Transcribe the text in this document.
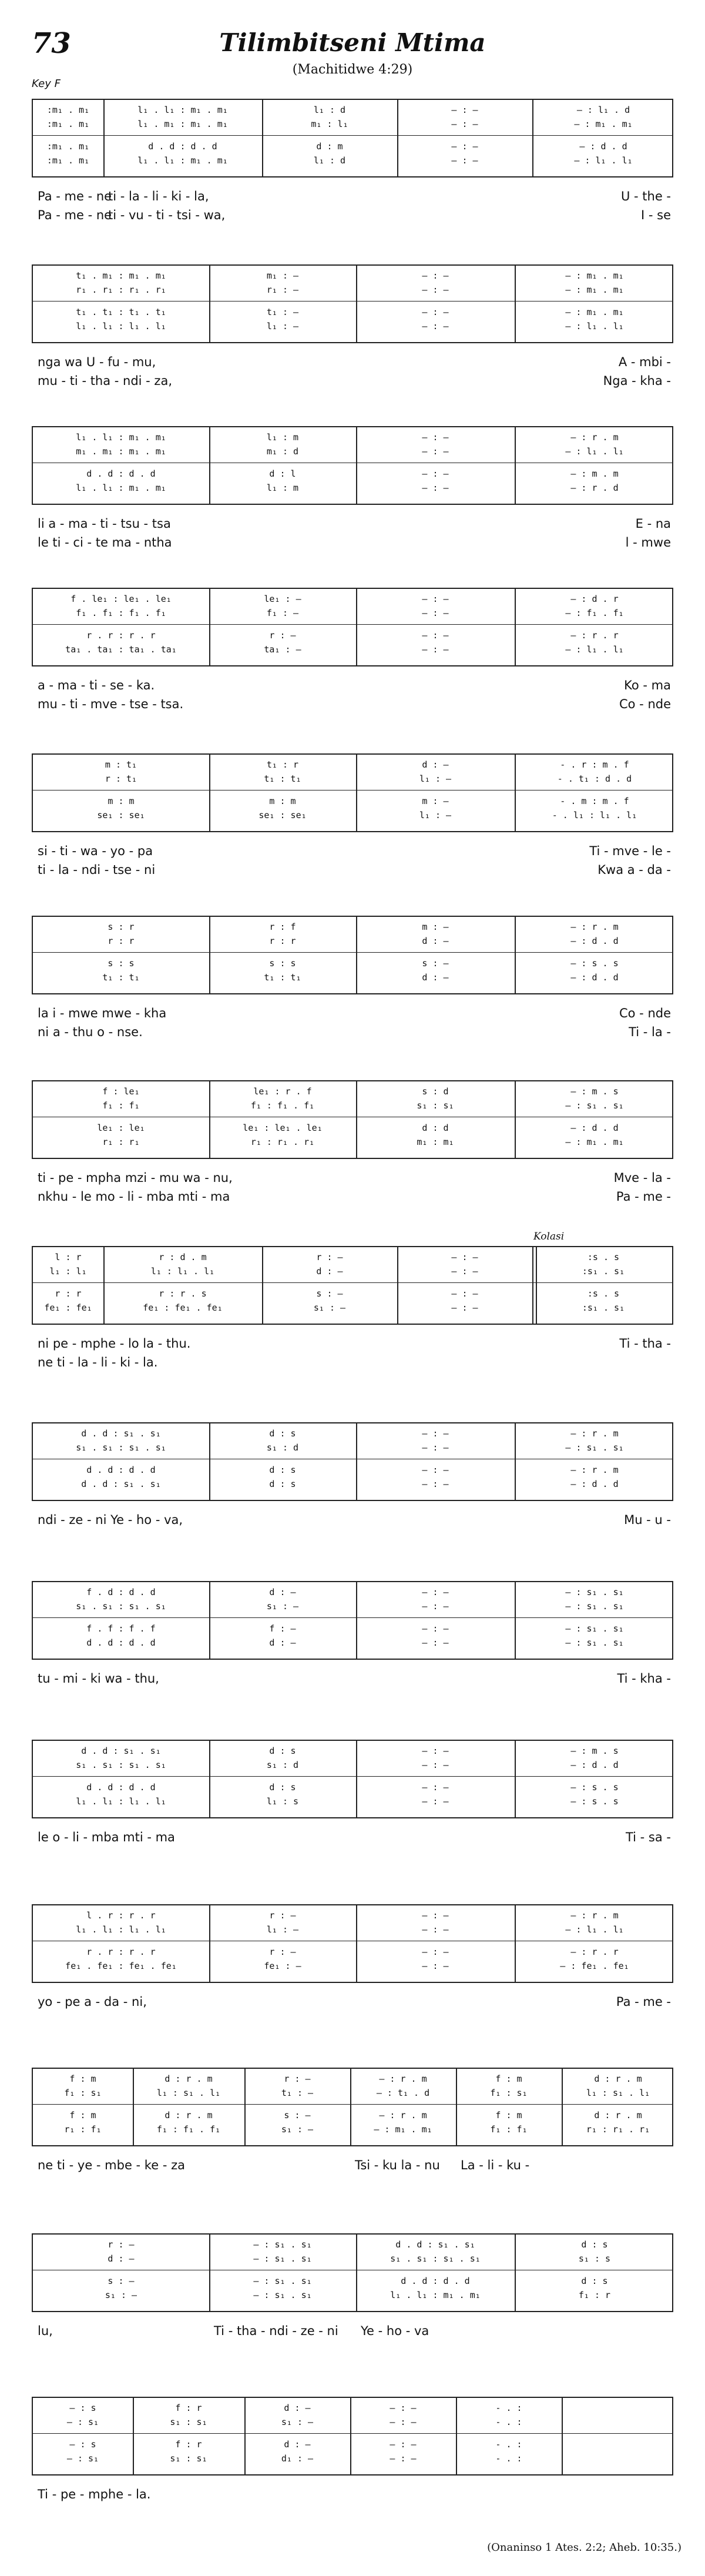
73	Tilimbitseni Mtima
(Machitidwe 4:29)
Key F
:m₁ . m₁	l₁ . l₁ : m₁ . m₁	l₁ : d	— : —	— : l₁ . d
:m₁ . m₁	l₁ . m₁ : m₁ . m₁	m₁ : l₁	— : —	— : m₁ . m₁
:m₁ . m₁	d . d : d . d	d : m	— : —	— : d . d
:m₁ . m₁	l₁ . l₁ : m₁ . m₁	l₁ : d	— : —	— : l₁ . l₁
Pa - me - ne
ti - la - li - ki - la,	U - the -
Pa - me - ne
ti - vu - ti - tsi - wa,	I - se
t₁ . m₁ : m₁ . m₁	m₁ : —	— : —	— : m₁ . m₁
r₁ . r₁ : r₁ . r₁	r₁ : —	— : —	— : m₁ . m₁
t₁ . t₁ : t₁ . t₁	t₁ : —	— : —	— : m₁ . m₁
l₁ . l₁ : l₁ . l₁	l₁ : —	— : —	— : l₁ . l₁
nga wa U - fu - mu,	A - mbi -
mu - ti - tha - ndi - za,	Nga - kha -
l₁ . l₁ : m₁ . m₁	l₁ : m	— : —	— : r . m
m₁ . m₁ : m₁ . m₁	m₁ : d	— : —	— : l₁ . l₁
d . d : d . d	d : l	— : —	— : m . m
l₁ . l₁ : m₁ . m₁	l₁ : m	— : —	— : r . d
li a - ma - ti - tsu - tsa	E - na
le ti - ci - te ma - ntha	l - mwe
f . le₁ : le₁ . le₁	le₁ : —	— : —	— : d . r
f₁ . f₁ : f₁ . f₁	f₁ : —	— : —	— : f₁ . f₁
r . r : r . r	r : —	— : —	— : r . r
ta₁ . ta₁ : ta₁ . ta₁	ta₁ : —	— : —	— : l₁ . l₁
a - ma - ti - se - ka.	Ko - ma
mu - ti - mve - tse - tsa.	Co - nde
m : t₁	t₁ : r	d : —	- . r : m . f
r : t₁	t₁ : t₁	l₁ : —	- . t₁ : d . d
m : m	m : m	m : —	- . m : m . f
se₁ : se₁	se₁ : se₁	l₁ : —	- . l₁ : l₁ . l₁
si - ti - wa - yo - pa	Ti - mve - le -
ti - la - ndi - tse - ni	Kwa a - da -
s : r	r : f	m : —	— : r . m
r : r	r : r	d : —	— : d . d
s : s	s : s	s : —	— : s . s
t₁ : t₁	t₁ : t₁	d : —	— : d . d
la i - mwe mwe - kha	Co - nde
ni a - thu o - nse.	Ti - la -
f : le₁	le₁ : r . f	s : d	— : m . s
f₁ : f₁	f₁ : f₁ . f₁	s₁ : s₁	— : s₁ . s₁
le₁ : le₁	le₁ : le₁ . le₁	d : d	— : d . d
r₁ : r₁	r₁ : r₁ . r₁	m₁ : m₁	— : m₁ . m₁
ti - pe - mpha mzi - mu wa - nu,	Mve - la -
nkhu - le mo - li - mba mti - ma	Pa - me -
Kolasi
l : r	r : d . m	r : —	— : —	:s . s
l₁ : l₁	l₁ : l₁ . l₁	d : —	— : —	:s₁ . s₁
r : r	r : r . s	s : —	— : —	:s . s
fe₁ : fe₁	fe₁ : fe₁ . fe₁	s₁ : —	— : —	:s₁ . s₁
ni pe - mphe - lo la - thu.	Ti - tha -
ne ti - la - li - ki - la.
d . d : s₁ . s₁	d : s	— : —	— : r . m
s₁ . s₁ : s₁ . s₁	s₁ : d	— : —	— : s₁ . s₁
d . d : d . d	d : s	— : —	— : r . m
d . d : s₁ . s₁	d : s	— : —	— : d . d
ndi - ze - ni Ye - ho - va,	Mu - u -
f . d : d . d	d : —	— : —	— : s₁ . s₁
s₁ . s₁ : s₁ . s₁	s₁ : —	— : —	— : s₁ . s₁
f . f : f . f	f : —	— : —	— : s₁ . s₁
d . d : d . d	d : —	— : —	— : s₁ . s₁
tu - mi - ki wa - thu,	Ti - kha -
d . d : s₁ . s₁	d : s	— : —	— : m . s
s₁ . s₁ : s₁ . s₁	s₁ : d	— : —	— : d . d
d . d : d . d	d : s	— : —	— : s . s
l₁ . l₁ : l₁ . l₁	l₁ : s	— : —	— : s . s
le o - li - mba mti - ma	Ti - sa -
l . r : r . r	r : —	— : —	— : r . m
l₁ . l₁ : l₁ . l₁	l₁ : —	— : —	— : l₁ . l₁
r . r : r . r	r : —	— : —	— : r . r
fe₁ . fe₁ : fe₁ . fe₁	fe₁ : —	— : —	— : fe₁ . fe₁
yo - pe a - da - ni,	Pa - me -
f : m	d : r . m	r : —	— : r . m	f : m	d : r . m
f₁ : s₁	l₁ : s₁ . l₁	t₁ : —	— : t₁ . d	f₁ : s₁	l₁ : s₁ . l₁
f : m	d : r . m	s : —	— : r . m	f : m	d : r . m
r₁ : f₁	f₁ : f₁ . f₁	s₁ : —	— : m₁ . m₁	f₁ : f₁	r₁ : r₁ . r₁
ne ti - ye - mbe - ke - za	Tsi - ku la - nu La - li - ku -
r : —	— : s₁ . s₁	d . d : s₁ . s₁	d : s
d : —	— : s₁ . s₁	s₁ . s₁ : s₁ . s₁	s₁ : s
s : —	— : s₁ . s₁	d . d : d . d	d : s
s₁ : —	— : s₁ . s₁	l₁ . l₁ : m₁ . m₁	f₁ : r
lu,	Ti - tha - ndi - ze - ni Ye - ho - va
— : s	f : r	d : —	— : —	- . :
— : s₁	s₁ : s₁	s₁ : —	— : —	- . :
— : s	f : r	d : —	— : —	- . :
— : s₁	s₁ : s₁	d₁ : —	— : —	- . :
Ti - pe - mphe - la.
(Onaninso 1 Ates. 2:2; Aheb. 10:35.)
